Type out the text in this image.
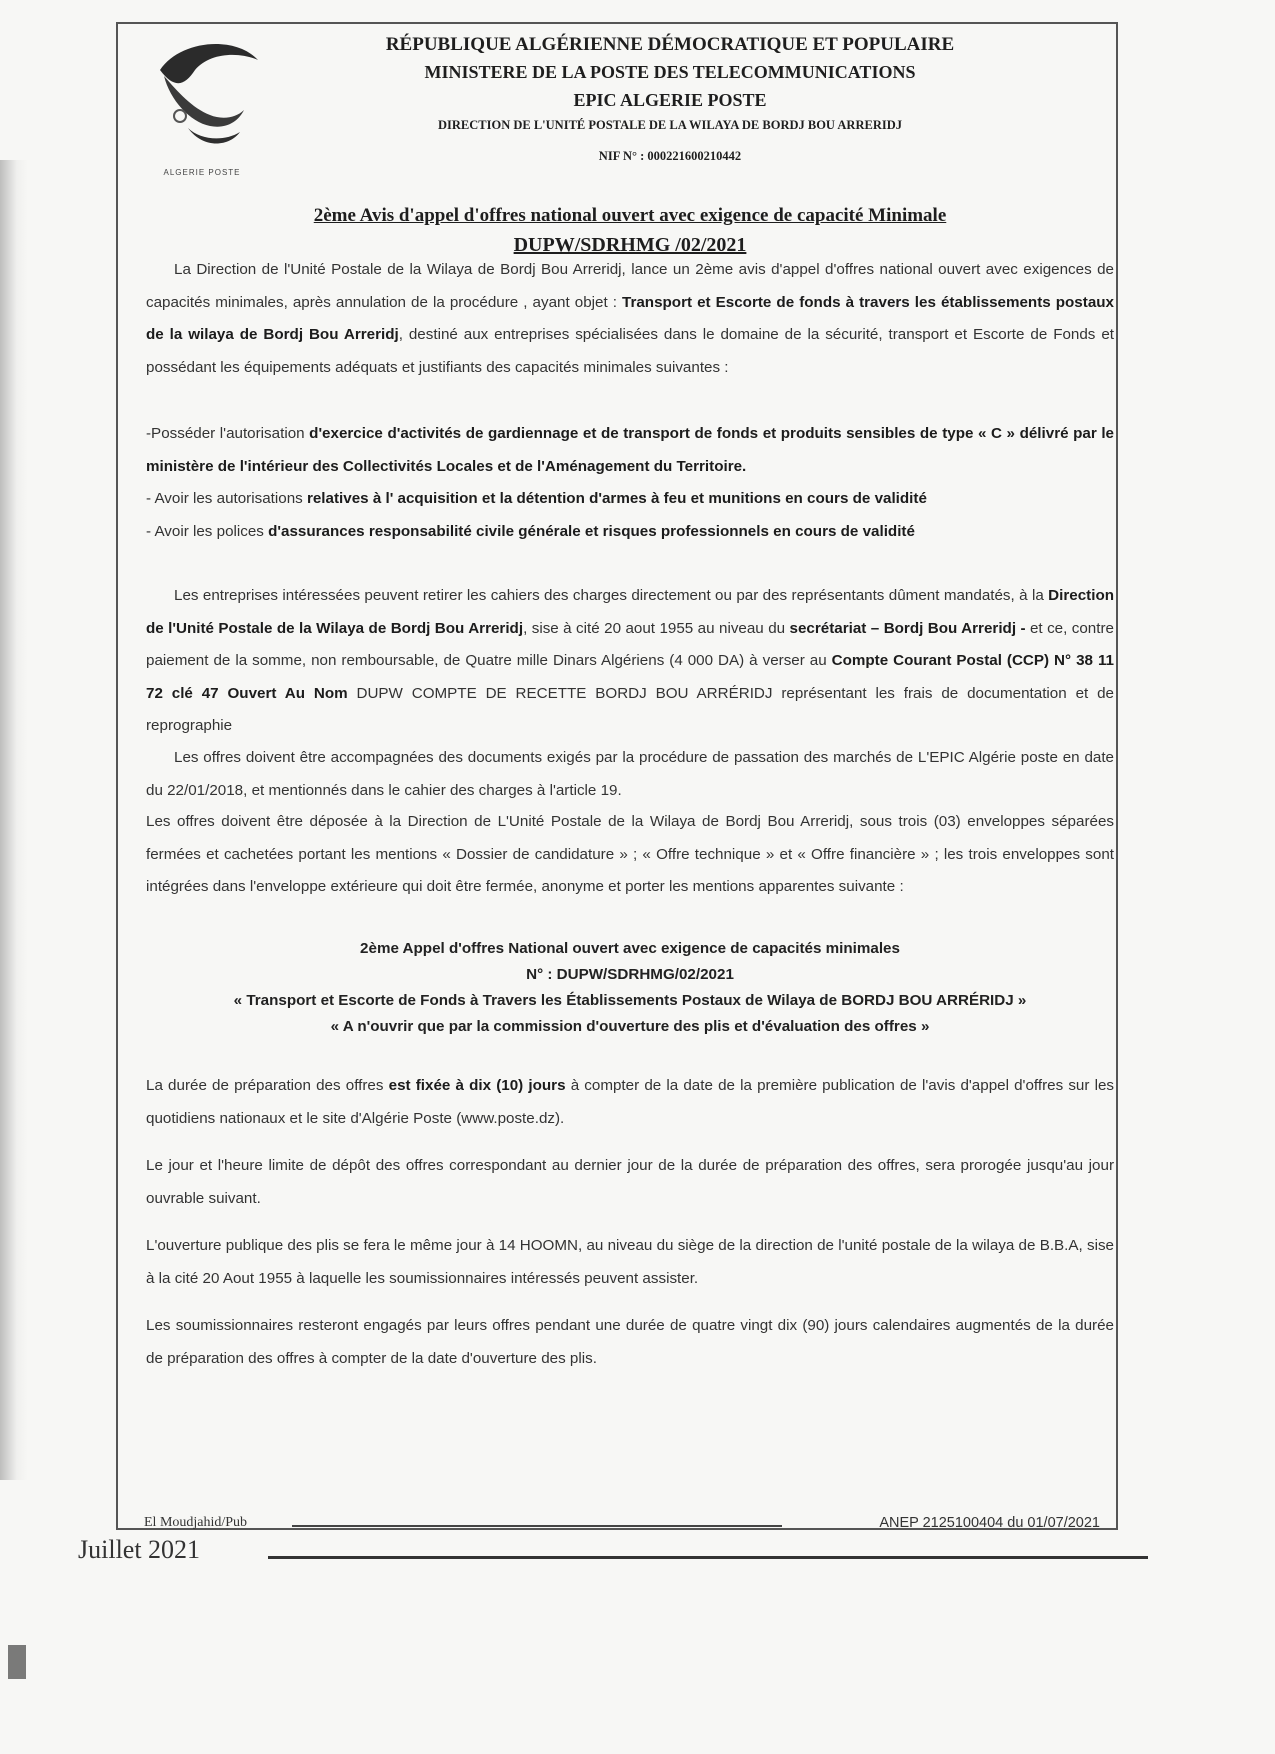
ALGERIE POSTE
RÉPUBLIQUE ALGÉRIENNE DÉMOCRATIQUE ET POPULAIRE
MINISTERE DE LA POSTE DES TELECOMMUNICATIONS
EPIC ALGERIE POSTE
DIRECTION DE L'UNITÉ POSTALE DE LA WILAYA DE BORDJ BOU ARRERIDJ
NIF N° : 000221600210442
2ème Avis d'appel d'offres national ouvert avec exigence de capacité Minimale
DUPW/SDRHMG /02/2021
La Direction de l'Unité Postale de la Wilaya de Bordj Bou Arreridj, lance un 2ème avis d'appel d'offres national ouvert avec exigences de capacités minimales, après annulation de la procédure , ayant objet : Transport et Escorte de fonds à travers les établissements postaux de la wilaya de Bordj Bou Arreridj, destiné aux entreprises spécialisées dans le domaine de la sécurité, transport et Escorte de Fonds et possédant les équipements adéquats et justifiants des capacités minimales suivantes :
-Posséder l'autorisation d'exercice d'activités de gardiennage et de transport de fonds et produits sensibles de type « C » délivré par le ministère de l'intérieur des Collectivités Locales et de l'Aménagement du Territoire.
- Avoir les autorisations relatives à l' acquisition et la détention d'armes à feu et munitions en cours de validité
- Avoir les polices d'assurances responsabilité civile générale et risques professionnels en cours de validité
Les entreprises intéressées peuvent retirer les cahiers des charges directement ou par des représentants dûment mandatés, à la Direction de l'Unité Postale de la Wilaya de Bordj Bou Arreridj, sise à cité 20 aout 1955 au niveau du secrétariat – Bordj Bou Arreridj - et ce, contre paiement de la somme, non remboursable, de Quatre mille Dinars Algériens (4 000 DA) à verser au Compte Courant Postal (CCP) N° 38 11 72 clé 47 Ouvert Au Nom DUPW COMPTE DE RECETTE BORDJ BOU ARRÉRIDJ représentant les frais de documentation et de reprographie
Les offres doivent être accompagnées des documents exigés par la procédure de passation des marchés de L'EPIC Algérie poste en date du 22/01/2018, et mentionnés dans le cahier des charges à l'article 19.
Les offres doivent être déposée à la Direction de L'Unité Postale de la Wilaya de Bordj Bou Arreridj, sous trois (03) enveloppes séparées fermées et cachetées portant les mentions « Dossier de candidature » ; « Offre technique » et « Offre financière » ; les trois enveloppes sont intégrées dans l'enveloppe extérieure qui doit être fermée, anonyme et porter les mentions apparentes suivante :
2ème Appel d'offres National ouvert avec exigence de capacités minimales
N° : DUPW/SDRHMG/02/2021
« Transport et Escorte de Fonds à Travers les Établissements Postaux de Wilaya de BORDJ BOU ARRÉRIDJ »
« A n'ouvrir que par la commission d'ouverture des plis et d'évaluation des offres »
La durée de préparation des offres est fixée à dix (10) jours à compter de la date de la première publication de l'avis d'appel d'offres sur les quotidiens nationaux et le site d'Algérie Poste (www.poste.dz).
Le jour et l'heure limite de dépôt des offres correspondant au dernier jour de la durée de préparation des offres, sera prorogée jusqu'au jour ouvrable suivant.
L'ouverture publique des plis se fera le même jour à 14 HOOMN, au niveau du siège de la direction de l'unité postale de la wilaya de B.B.A, sise à la cité 20 Aout 1955 à laquelle les soumissionnaires intéressés peuvent assister.
Les soumissionnaires resteront engagés par leurs offres pendant une durée de quatre vingt dix (90) jours calendaires augmentés de la durée de préparation des offres à compter de la date d'ouverture des plis.
El Moudjahid/Pub	ANEP 2125100404 du 01/07/2021
Juillet 2021
